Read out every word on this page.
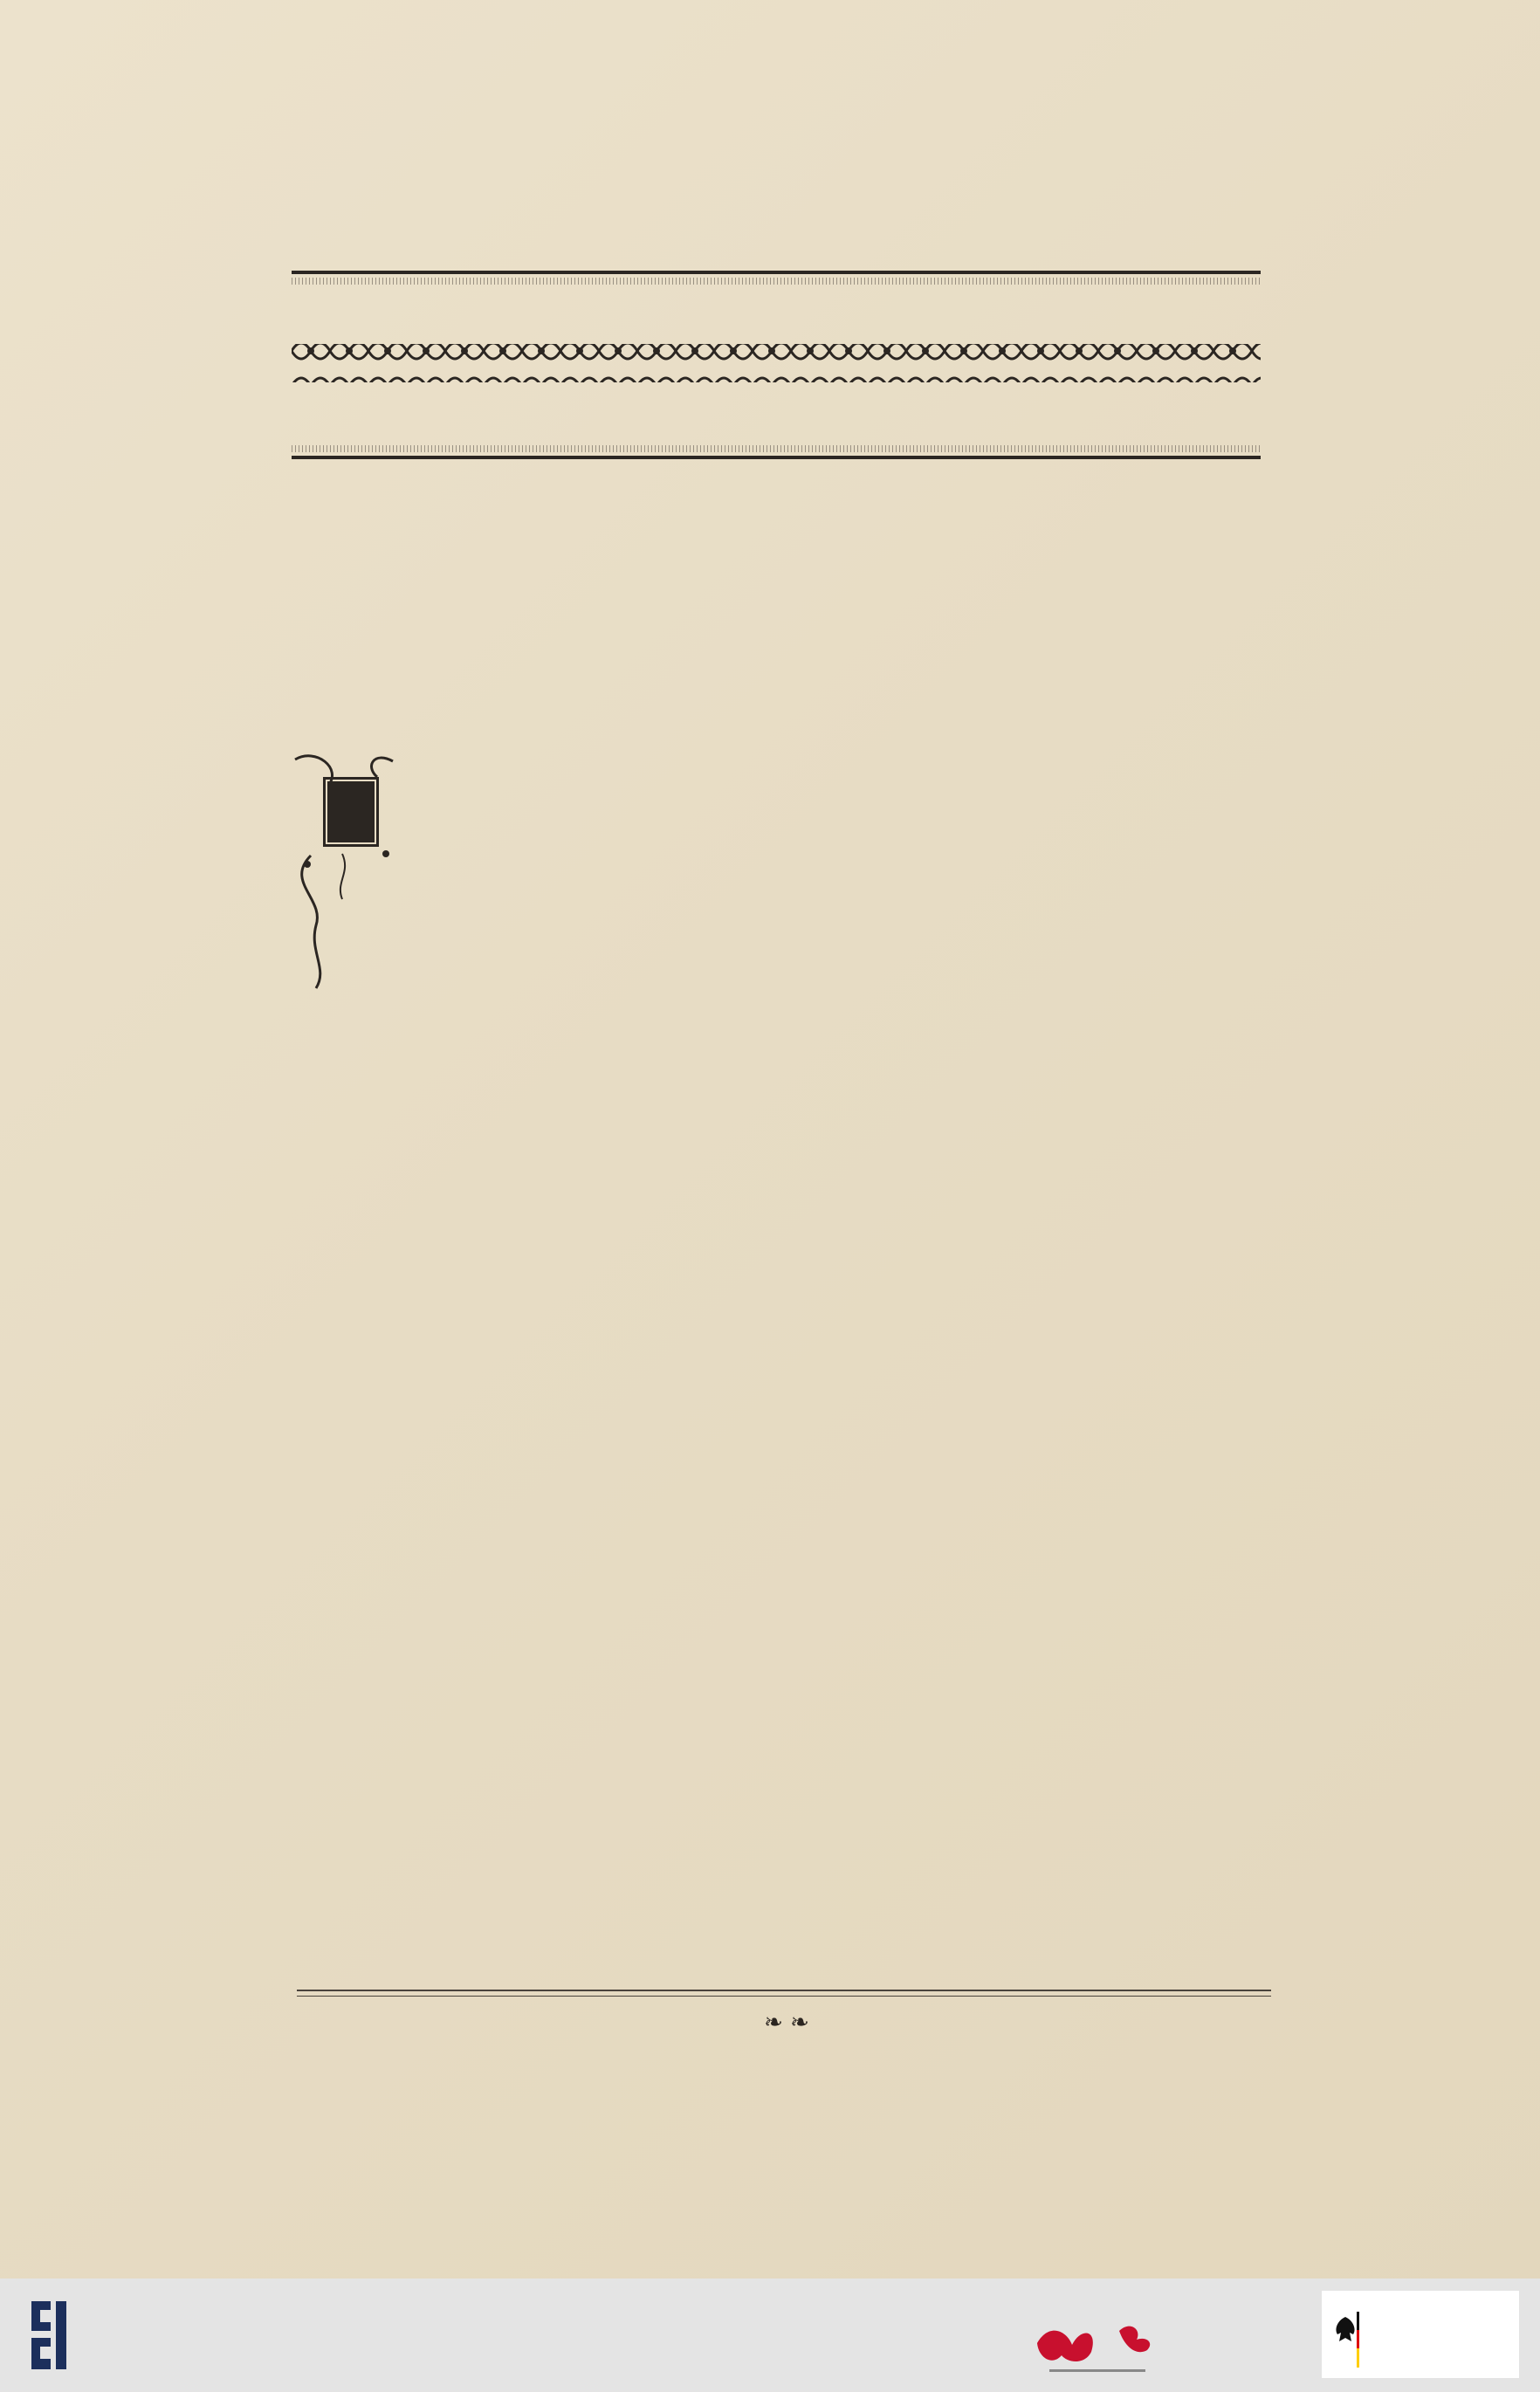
❧ ❧
